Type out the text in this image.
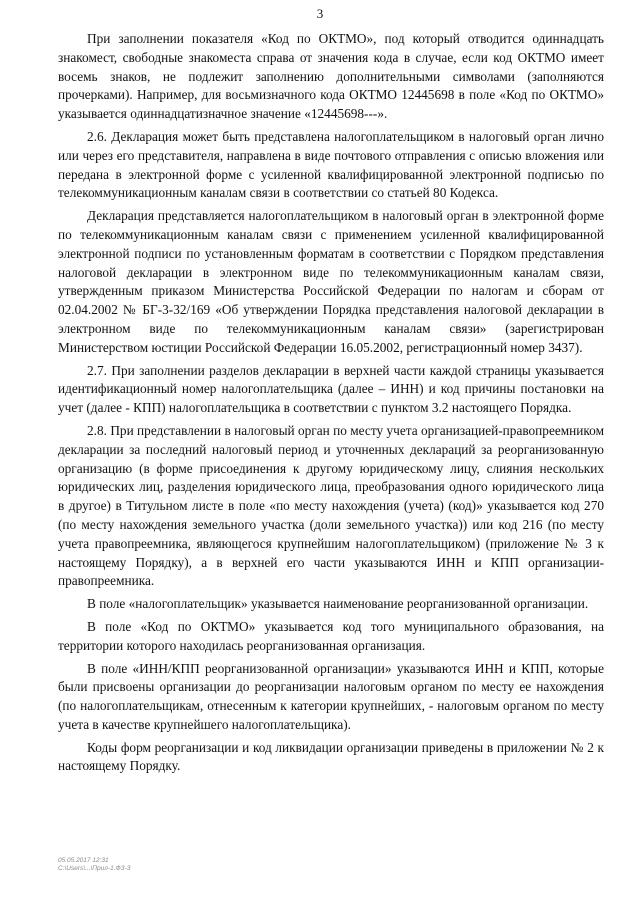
3

При заполнении показателя «Код по ОКТМО», под который отводится одиннадцать знакомест, свободные знакоместа справа от значения кода в случае, если код ОКТМО имеет восемь знаков, не подлежит заполнению дополнительными символами (заполняются прочерками). Например, для восьмизначного кода ОКТМО 12445698 в поле «Код по ОКТМО» указывается одиннадцатизначное значение «12445698---».

2.6. Декларация может быть представлена налогоплательщиком в налоговый орган лично или через его представителя, направлена в виде почтового отправления с описью вложения или передана в электронной форме с усиленной квалифицированной электронной подписью по телекоммуникационным каналам связи в соответствии со статьей 80 Кодекса.

Декларация представляется налогоплательщиком в налоговый орган в электронной форме по телекоммуникационным каналам связи с применением усиленной квалифицированной электронной подписи по установленным форматам в соответствии с Порядком представления налоговой декларации в электронном виде по телекоммуникационным каналам связи, утвержденным приказом Министерства Российской Федерации по налогам и сборам от 02.04.2002 № БГ-3-32/169 «Об утверждении Порядка представления налоговой декларации в электронном виде по телекоммуникационным каналам связи» (зарегистрирован Министерством юстиции Российской Федерации 16.05.2002, регистрационный номер 3437).

2.7. При заполнении разделов декларации в верхней части каждой страницы указывается идентификационный номер налогоплательщика (далее – ИНН) и код причины постановки на учет (далее - КПП) налогоплательщика в соответствии с пунктом 3.2 настоящего Порядка.

2.8. При представлении в налоговый орган по месту учета организацией-правопреемником декларации за последний налоговый период и уточненных деклараций за реорганизованную организацию (в форме присоединения к другому юридическому лицу, слияния нескольких юридических лиц, разделения юридического лица, преобразования одного юридического лица в другое) в Титульном листе в поле «по месту нахождения (учета) (код)» указывается код 270 (по месту нахождения земельного участка (доли земельного участка)) или код 216 (по месту учета правопреемника, являющегося крупнейшим налогоплательщиком) (приложение № 3 к настоящему Порядку), а в верхней его части указываются ИНН и КПП организации-правопреемника.

В поле «налогоплательщик» указывается наименование реорганизованной организации.

В поле «Код по ОКТМО» указывается код того муниципального образования, на территории которого находилась реорганизованная организация.

В поле «ИНН/КПП реорганизованной организации» указываются ИНН и КПП, которые были присвоены организации до реорганизации налоговым органом по месту ее нахождения (по налогоплательщикам, отнесенным к категории крупнейших, - налоговым органом по месту учета в качестве крупнейшего налогоплательщика).

Коды форм реорганизации и код ликвидации организации приведены в приложении № 2 к настоящему Порядку.

05.05.2017 12:31
C:\Users\...\Прил-1.ФЗ-3
